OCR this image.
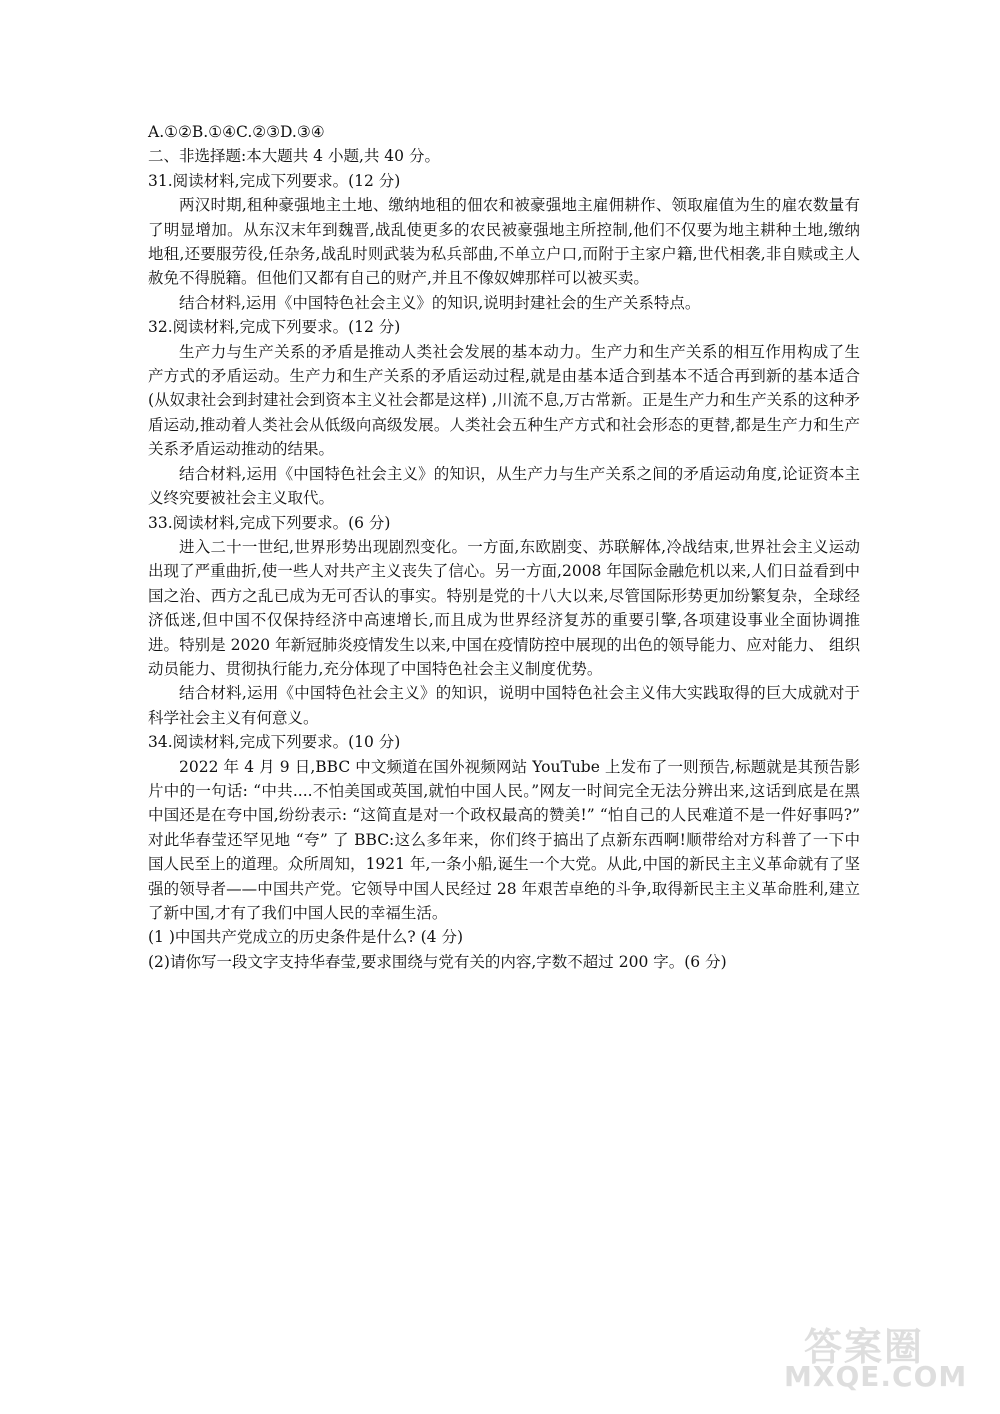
A.①②B.①④C.②③D.③④

二、非选择题:本大题共 4 小题,共 40 分。

31.阅读材料,完成下列要求。(12 分)

两汉时期,租种豪强地主土地、缴纳地租的佃农和被豪强地主雇佣耕作、领取雇值为生的雇农数量有了明显增加。从东汉末年到魏晋,战乱使更多的农民被豪强地主所控制,他们不仅要为地主耕种土地,缴纳地租,还要服劳役,任杂务,战乱时则武装为私兵部曲,不单立户口,而附于主家户籍,世代相袭,非自赎或主人赦免不得脱籍。但他们又都有自己的财产,并且不像奴婢那样可以被买卖。

结合材料,运用《中国特色社会主义》的知识,说明封建社会的生产关系特点。

32.阅读材料,完成下列要求。(12 分)

生产力与生产关系的矛盾是推动人类社会发展的基本动力。生产力和生产关系的相互作用构成了生产方式的矛盾运动。生产力和生产关系的矛盾运动过程,就是由基本适合到基本不适合再到新的基本适合(从奴隶社会到封建社会到资本主义社会都是这样) ,川流不息,万古常新。正是生产力和生产关系的这种矛盾运动,推动着人类社会从低级向高级发展。人类社会五种生产方式和社会形态的更替,都是生产力和生产关系矛盾运动推动的结果。

结合材料,运用《中国特色社会主义》的知识，从生产力与生产关系之间的矛盾运动角度,论证资本主义终究要被社会主义取代。

33.阅读材料,完成下列要求。(6 分)

进入二十一世纪,世界形势出现剧烈变化。一方面,东欧剧变、苏联解体,冷战结束,世界社会主义运动出现了严重曲折,使一些人对共产主义丧失了信心。另一方面,2008 年国际金融危机以来,人们日益看到中国之治、西方之乱已成为无可否认的事实。特别是党的十八大以来,尽管国际形势更加纷繁复杂，全球经济低迷,但中国不仅保持经济中高速增长,而且成为世界经济复苏的重要引擎,各项建设事业全面协调推进。特别是 2020 年新冠肺炎疫情发生以来,中国在疫情防控中展现的出色的领导能力、应对能力、 组织动员能力、贯彻执行能力,充分体现了中国特色社会主义制度优势。

结合材料,运用《中国特色社会主义》的知识，说明中国特色社会主义伟大实践取得的巨大成就对于科学社会主义有何意义。

34.阅读材料,完成下列要求。(10 分)

2022 年 4 月 9 日,BBC 中文频道在国外视频网站 YouTube 上发布了一则预告,标题就是其预告影片中的一句话: “中共....不怕美国或英国,就怕中国人民。”网友一时间完全无法分辨出来,这话到底是在黑中国还是在夸中国,纷纷表示: “这简直是对一个政权最高的赞美!” “怕自己的人民难道不是一件好事吗?” 对此华春莹还罕见地 “夸” 了 BBC:这么多年来，你们终于搞出了点新东西啊!顺带给对方科普了一下中国人民至上的道理。众所周知，1921 年,一条小船,诞生一个大党。从此,中国的新民主主义革命就有了坚强的领导者——中国共产党。它领导中国人民经过 28 年艰苦卓绝的斗争,取得新民主主义革命胜利,建立了新中国,才有了我们中国人民的幸福生活。

(1 )中国共产党成立的历史条件是什么? (4 分)

(2)请你写一段文字支持华春莹,要求围绕与党有关的内容,字数不超过 200 字。(6 分)

答案圈
MXQE.COM
